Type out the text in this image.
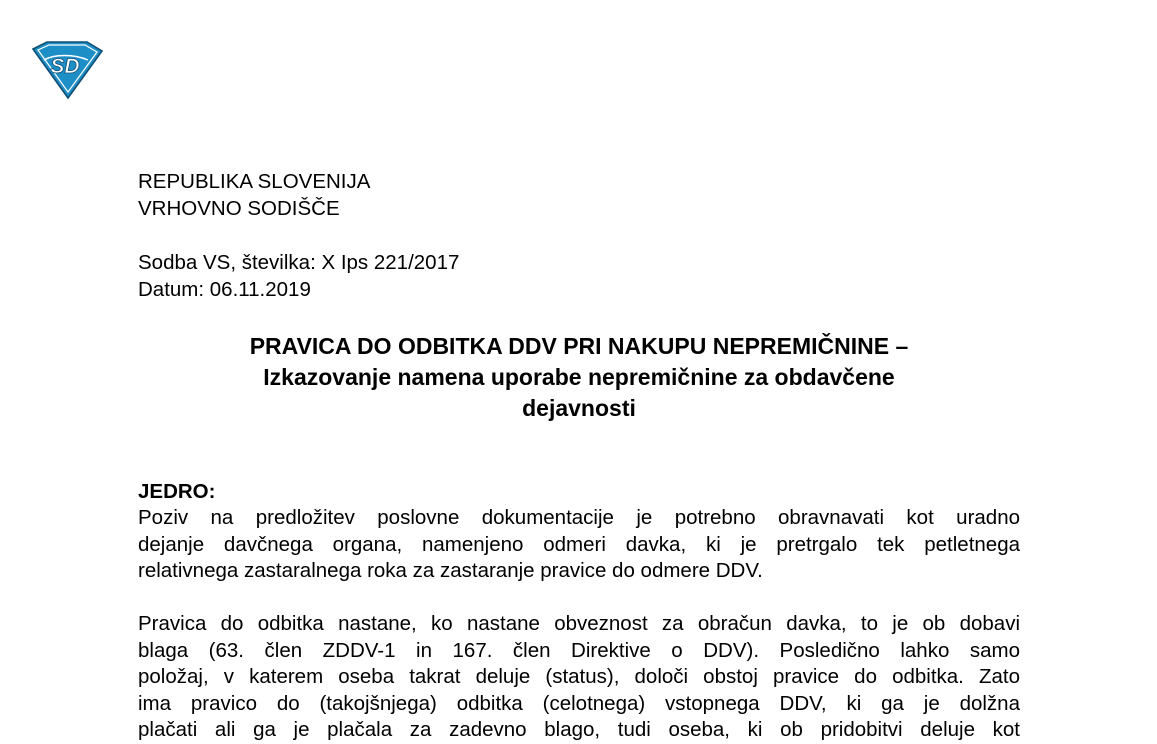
SD
REPUBLIKA SLOVENIJA
VRHOVNO SODIŠČE
Sodba VS, številka: X Ips 221/2017
Datum: 06.11.2019
PRAVICA DO ODBITKA DDV PRI NAKUPU NEPREMIČNINE –
Izkazovanje namena uporabe nepremičnine za obdavčene
dejavnosti
JEDRO:
Poziv na predložitev poslovne dokumentacije je potrebno obravnavati kot uradno
dejanje davčnega organa, namenjeno odmeri davka, ki je pretrgalo tek petletnega
relativnega zastaralnega roka za zastaranje pravice do odmere DDV.
Pravica do odbitka nastane, ko nastane obveznost za obračun davka, to je ob dobavi
blaga (63. člen ZDDV-1 in 167. člen Direktive o DDV). Posledično lahko samo
položaj, v katerem oseba takrat deluje (status), določi obstoj pravice do odbitka. Zato
ima pravico do (takojšnjega) odbitka (celotnega) vstopnega DDV, ki ga je dolžna
plačati ali ga je plačala za zadevno blago, tudi oseba, ki ob pridobitvi deluje kot
